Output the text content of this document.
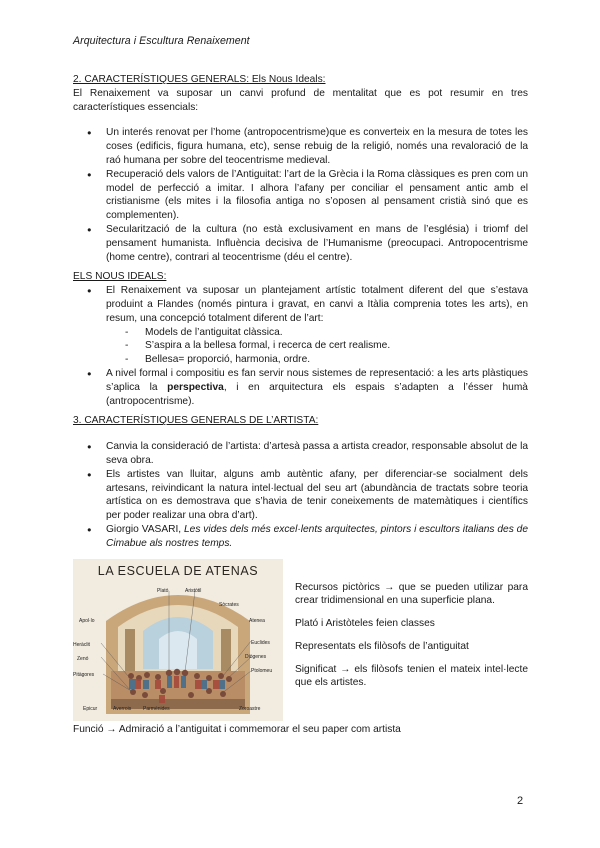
Arquitectura i Escultura Renaixement
2. CARACTERÍSTIQUES GENERALS: Els Nous Ideals:

El Renaixement va suposar un canvi profund de mentalitat que es pot resumir en tres característiques essencials:

● Un interés renovat per l’home (antropocentrisme)que es converteix en la mesura de totes les coses (edificis, figura humana, etc), sense rebuig de la religió, només una revaloració de la raó humana per sobre del teocentrisme medieval.
● Recuperació dels valors de l’Antiguitat: l’art de la Grècia i la Roma clàssiques es pren com un model de perfecció a imitar. I alhora l’afany per conciliar el pensament antic amb el cristianisme (els mites i la filosofia antiga no s’oposen al pensament cristià sinó que es complementen).
● Secularització de la cultura (no està exclusivament en mans de l’església) i triomf del pensament humanista. Influència decisiva de l’Humanisme (preocupaci. Antropocentrisme (home centre), contrari al teocentrisme (déu el centre).
ELS NOUS IDEALS:
● El Renaixement va suposar un plantejament artístic totalment diferent del que s’estava produint a Flandes (només pintura i gravat, en canvi a Itàlia comprenia totes les arts), en resum, una concepció totalment diferent de l’art:
- Models de l’antiguitat clàssica.
- S’aspira a la bellesa formal, i recerca de cert realisme.
- Bellesa= proporció, harmonia, ordre.
● A nivel formal i compositiu es fan servir nous sistemes de representació: a les arts plàstiques s’aplica la perspectiva, i en arquitectura els espais s’adapten a l’ésser humà (antropocentrisme).
3. CARACTERÍSTIQUES GENERALS DE L’ARTISTA:
● Canvia la consideració de l’artista: d’artesà passa a artista creador, responsable absolut de la seva obra.
● Els artistes van lluitar, alguns amb autèntic afany, per diferenciar-se socialment dels artesans, reivindicant la natura intel·lectual del seu art (abundància de tractats sobre teoria artística on es demostrava que s’havia de tenir coneixements de matemàtiques i científics per poder realizar una obra d’art).
● Giorgio VASARI, Les vides dels més excel·lents arquitectes, pintors i escultors italians des de Cimabue als nostres temps.
LA ESCUELA DE ATENAS
Aristòtil
Plató
Euclides
Diògenes
Heràclit
Pitàgores
Zenó
Epicur
Sòcrates
Averrois
Ptolomeu
Zoroastre
Parmènides
Apol·lo	Atenea

Recursos pictòrics → que se pueden utilizar para crear tridimensional en una superficie plana.

Plató i Aristòteles feien classes

Representats els filòsofs de l’antiguitat

Significat → els filòsofs tenien el mateix intel·lecte que els artistes.

Funció → Admiració a l’antiguitat i commemorar el seu paper com artista

2
